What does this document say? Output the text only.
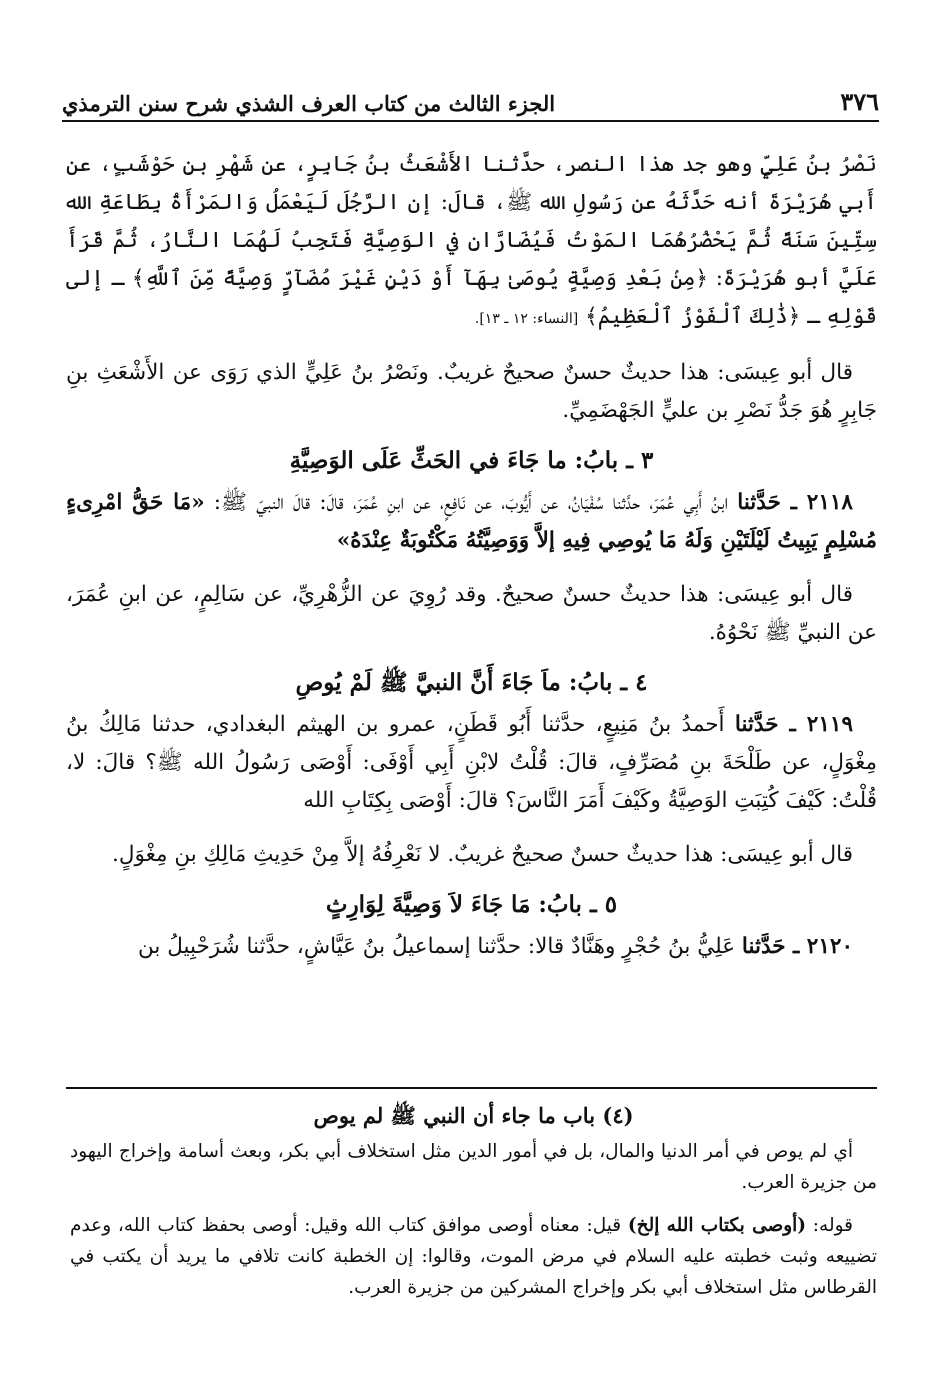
٣٧٦
الجزء الثالث من كتاب العرف الشذي شرح سنن الترمذي

نَصْرُ بنُ عَلِيٍّ وهو جد هذا النصر، حدَّثنا الأَشْعَثُ بنُ جَابِرٍ، عن شَهْرِ بنِ حَوْشَبٍ، عن أَبي هُرَيْرَةَ أنه حَدَّثَهُ عن رَسُولِ الله ﷺ، قالَ: إن الرَّجُلَ لَيَعْمَلُ وَالمَرْأَةُ بِطَاعَةِ الله سِتِّينَ سَنَةً ثُمَّ يَحْضُرُهُمَا المَوْتُ فَيُضَارَّانِ في الوَصِيَّةِ فَتَجِبُ لَهُمَا النَّارُ، ثُمَّ قَرَأَ عَلَيَّ أبو هُرَيْرَةَ: ﴿مِنۢ بَعْدِ وَصِيَّةٍ يُوصَىٰ بِهَآ أَوْ دَيْنٍ غَيْرَ مُضَآرٍّ وَصِيَّةً مِّنَ ٱللَّهِ﴾ ـ إلى قَوْلِهِ ـ ﴿ذَٰلِكَ ٱلْفَوْزُ ٱلْعَظِيمُ﴾ [النساء: ١٢ ـ ١٣].

قال أبو عِيسَى: هذا حديثٌ حسنٌ صحيحٌ غريبٌ. ونَصْرُ بنُ عَلِيٍّ الذي رَوَى عن الأَشْعَثِ بنِ جَابِرٍ هُوَ جَدُّ نَصْرِ بن عليٍّ الجَهْضَمِيِّ.

٣ ـ بابُ: ما جَاءَ في الحَثِّ عَلَى الوَصِيَّةِ

٢١١٨ ـ حَدَّثنا ابنُ أَبِي عُمَرَ، حدَّثنا سُفْيَانُ، عن أَيُّوبَ، عن نَافِعٍ، عن ابنِ عُمَرَ، قالَ: قالَ النبيّ ﷺ: «مَا حَقُّ امْرِىءٍ مُسْلِمٍ يَبِيتُ لَيْلَتَيْنِ وَلَهُ مَا يُوصِي فِيهِ إلاَّ وَوَصِيَّتُهُ مَكْتُوبَةٌ عِنْدَهُ»

قال أبو عِيسَى: هذا حديثٌ حسنٌ صحيحٌ. وقد رُوِيَ عن الزُّهْرِيِّ، عن سَالِمٍ، عن ابنِ عُمَرَ، عن النبيِّ ﷺ نَحْوُهُ.

٤ ـ بابُ: ماَ جَاءَ أَنَّ النبيَّ ﷺ لَمْ يُوصِ

٢١١٩ ـ حَدَّثنا أَحمدُ بنُ مَنِيعٍ، حدَّثنا أَبُو قَطَنٍ، عمرو بن الهيثم البغدادي، حدثنا مَالِكُ بنُ مِغْوَلٍ، عن طَلْحَةَ بنِ مُصَرِّفٍ، قالَ: قُلْتُ لابْنِ أَبِي أَوْفَى: أَوْصَى رَسُولُ الله ﷺ؟ قالَ: لا، قُلْتُ: كَيْفَ كُتِبَتِ الوَصِيَّةُ وكَيْفَ أَمَرَ النَّاسَ؟ قالَ: أَوْصَى بِكِتَابِ الله

قال أبو عِيسَى: هذا حديثٌ حسنٌ صحيحٌ غريبٌ. لا نَعْرِفُهُ إلاَّ مِنْ حَدِيثِ مَالِكِ بنِ مِغْوَلٍ.

٥ ـ بابُ: مَا جَاءَ لاَ وَصِيَّةَ لِوَارِثٍ

٢١٢٠ ـ حَدَّثنا عَلِيُّ بنُ حُجْرٍ وهَنَّادٌ قالا: حدَّثنا إسماعيلُ بنُ عَيَّاشٍ، حدَّثنا شُرَحْبِيلُ بن

(٤) باب ما جاء أن النبي ﷺ لم يوص

أي لم يوص في أمر الدنيا والمال، بل في أمور الدين مثل استخلاف أبي بكر، وبعث أسامة وإخراج اليهود من جزيرة العرب.

قوله: (أوصى بكتاب الله إلخ) قيل: معناه أوصى موافق كتاب الله وقيل: أوصى بحفظ كتاب الله، وعدم تضييعه وثبت خطبته عليه السلام في مرض الموت، وقالوا: إن الخطبة كانت تلافي ما يريد أن يكتب في القرطاس مثل استخلاف أبي بكر وإخراج المشركين من جزيرة العرب.
